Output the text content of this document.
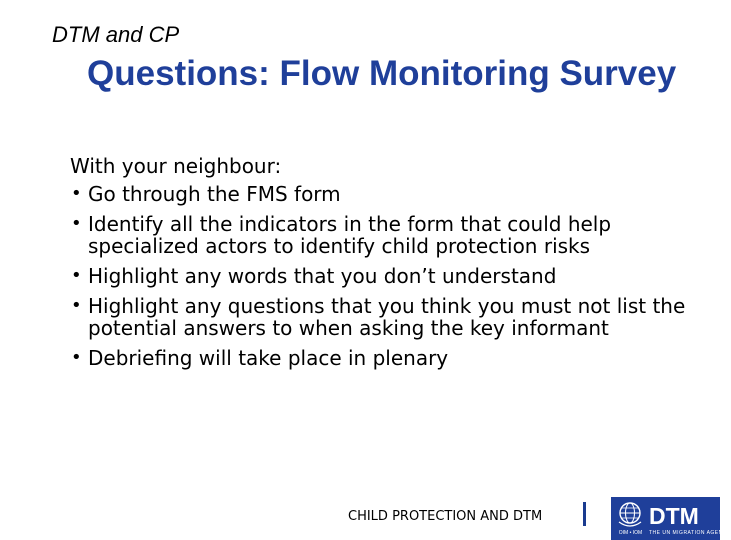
DTM and CP
Questions: Flow Monitoring Survey
With your neighbour:
• Go through the FMS form
• Identify all the indicators in the form that could help specialized actors to identify child protection risks
• Highlight any words that you don’t understand
• Highlight any questions that you think you must not list the potential answers to when asking the key informant
• Debriefing will take place in plenary
CHILD PROTECTION AND DTM
OIM • IOM
DTM
THE UN MIGRATION AGENCY
